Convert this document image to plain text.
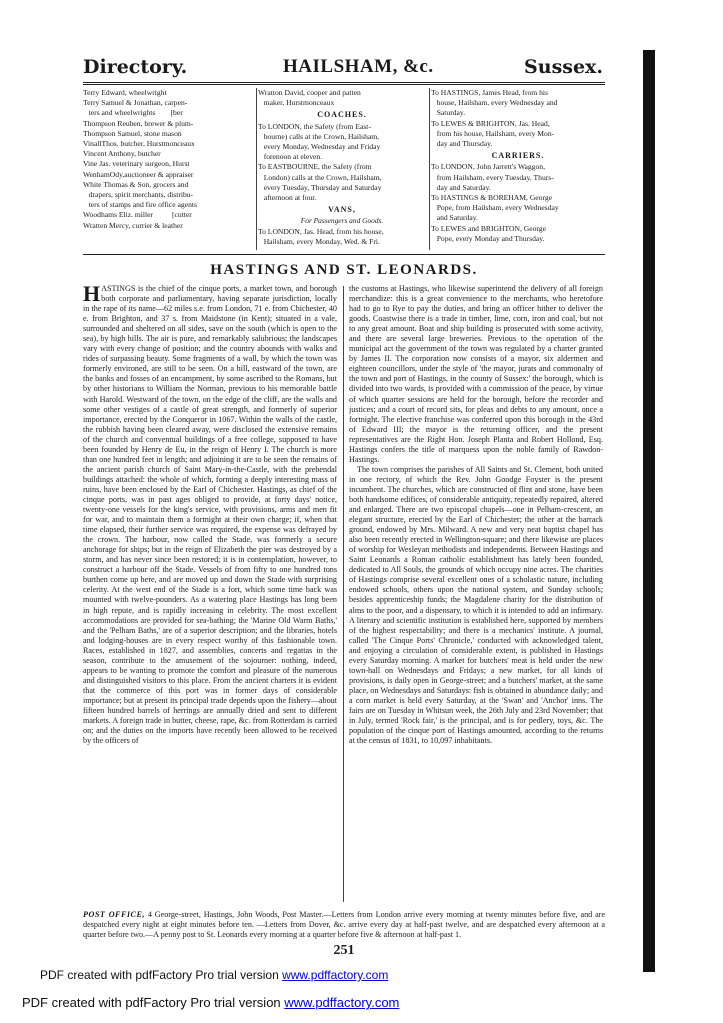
Directory.	HAILSHAM, &c.	Sussex.
Terry Edward, wheelwright
Terry Samuel & Jonathan, carpen-
ters and wheelwrights        [ber
Thompson Reuben, brewer & plum-
Thompson Samuel, stone mason
VinallThos. butcher, Hurstmonceaux
Vincent Anthony, butcher
Vine Jas. veterinary surgeon, Hurst
WenhamOdy,auctioneer & appraiser
White Thomas & Son, grocers and
drapers, spirit merchants, distribu-
ters of stamps and fire office agents
Woodhams Eliz. miller          [cutter
Wratten Mercy, currier & leather
Wratton David, cooper and patten
maker, Hurstmonceaux
COACHES.
To LONDON, the Safety (from East-
bourne) calls at the Crown, Hailsham,
every Monday, Wednesday and Friday
forenoon at eleven.
To EASTBOURNE, the Safety (from
London) calls at the Crown, Hailsham,
every Tuesday, Thursday and Saturday
afternoon at four.
VANS,
For Passengers and Goods.
To LONDON, Jas. Head, from his house,
Hailsham, every Monday, Wed. & Fri.
To HASTINGS, James Head, from his
house, Hailsham, every Wednesday and
Saturday.
To LEWES & BRIGHTON, Jas. Head,
from his house, Hailsham, every Mon-
day and Thursday.
CARRIERS.
To LONDON, John Jarrett's Waggon,
from Hailsham, every Tuesday, Thurs-
day and Saturday.
To HASTINGS & BOREHAM, George
Pope, from Hailsham, every Wednesday
and Saturday.
To LEWES and BRIGHTON, George
Pope, every Monday and Thursday.
HASTINGS AND ST. LEONARDS.

HASTINGS is the chief of the cinque ports, a market town, and borough both corporate and parliamentary, having separate jurisdiction, locally in the rape of its name—62 miles s.e. from London, 71 e. from Chichester, 40 e. from Brighton, and 37 s. from Maidstone (in Kent); situated in a vale, surrounded and sheltered on all sides, save on the south (which is open to the sea), by high hills. The air is pure, and remarkably salubrious; the landscapes vary with every change of position; and the country abounds with walks and rides of surpassing beauty. Some fragments of a wall, by which the town was formerly environed, are still to be seen. On a hill, eastward of the town, are the banks and fosses of an encampment, by some ascribed to the Romans, but by other historians to William the Norman, previous to his memorable battle with Harold. Westward of the town, on the edge of the cliff, are the walls and some other vestiges of a castle of great strength, and formerly of superior importance, erected by the Conqueror in 1067. Within the walls of the castle, the rubbish having been cleared away, were disclosed the extensive remains of the church and conventual buildings of a free college, supposed to have been founded by Henry de Eu, in the reign of Henry I. The church is more than one hundred feet in length; and adjoining it are to be seen the remains of the ancient parish church of Saint Mary-in-the-Castle, with the prebendal buildings attached: the whole of which, forming a deeply interesting mass of ruins, have been enclosed by the Earl of Chichester. Hastings, as chief of the cinque ports, was in past ages obliged to provide, at forty days' notice, twenty-one vessels for the king's service, with provisions, arms and men fit for war, and to maintain them a fortnight at their own charge; if, when that time elapsed, their further service was required, the expense was defrayed by the crown. The harbour, now called the Stade, was formerly a secure anchorage for ships; but in the reign of Elizabeth the pier was destroyed by a storm, and has never since been restored; it is in contemplation, however, to construct a harbour off the Stade. Vessels of from fifty to one hundred tons burthen come up here, and are moved up and down the Stade with surprising celerity. At the west end of the Stade is a fort, which some time back was mounted with twelve-pounders. As a watering place Hastings has long been in high repute, and is rapidly increasing in celebrity. The most excellent accommodations are provided for sea-bathing; the 'Marine Old Warm Baths,' and the 'Pelham Baths,' are of a superior description; and the libraries, hotels and lodging-houses are in every respect worthy of this fashionable town. Races, established in 1827, and assemblies, concerts and regattas in the season, contribute to the amusement of the sojourner: nothing, indeed, appears to be wanting to promote the comfort and pleasure of the numerous and distinguished visitors to this place. From the ancient charters it is evident that the commerce of this port was in former days of considerable importance; but at present its principal trade depends upon the fishery—about fifteen hundred barrels of herrings are annually dried and sent to different markets. A foreign trade in butter, cheese, rape, &c. from Rotterdam is carried on; and the duties on the imports have recently been allowed to be received by the officers of

the customs at Hastings, who likewise superintend the delivery of all foreign merchandize: this is a great convenience to the merchants, who heretofore had to go to Rye to pay the duties, and bring an officer hither to deliver the goods. Coastwise there is a trade in timber, lime, corn, iron and coal, but not to any great amount. Boat and ship building is prosecuted with some activity, and there are several large breweries. Previous to the operation of the municipal act the government of the town was regulated by a charter granted by James II. The corporation now consists of a mayor, six aldermen and eighteen councillors, under the style of 'the mayor, jurats and commonalty of the town and port of Hastings, in the county of Sussex:' the borough, which is divided into two wards, is provided with a commission of the peace, by virtue of which quarter sessions are held for the borough, before the recorder and justices; and a court of record sits, for pleas and debts to any amount, once a fortnight. The elective franchise was conferred upon this borough in the 43rd of Edward III; the mayor is the returning officer, and the present representatives are the Right Hon. Joseph Planta and Robert Hollond, Esq. Hastings confers the title of marquess upon the noble family of Rawdon-Hastings.

The town comprises the parishes of All Saints and St. Clement, both united in one rectory, of which the Rev. John Goodge Foyster is the present incumbent. The churches, which are constructed of flint and stone, have been both handsome edifices, of considerable antiquity, repeatedly repaired, altered and enlarged. There are two episcopal chapels—one in Pelham-crescent, an elegant structure, erected by the Earl of Chichester; the other at the barrack ground, endowed by Mrs. Milward. A new and very neat baptist chapel has also been recently erected in Wellington-square; and there likewise are places of worship for Wesleyan methodists and independents. Between Hastings and Saint Leonards a Roman catholic establishment has lately been founded, dedicated to All Souls, the grounds of which occupy nine acres. The charities of Hastings comprise several excellent ones of a scholastic nature, including endowed schools, others upon the national system, and Sunday schools; besides apprenticeship funds; the Magdalene charity for the distribution of alms to the poor, and a dispensary, to which it is intended to add an infirmary. A literary and scientific institution is established here, supported by members of the highest respectability; and there is a mechanics' institute. A journal, called 'The Cinque Ports' Chronicle,' conducted with acknowledged talent, and enjoying a circulation of considerable extent, is published in Hastings every Saturday morning. A market for butchers' meat is held under the new town-hall on Wednesdays and Fridays; a new market, for all kinds of provisions, is daily open in George-street; and a butchers' market, at the same place, on Wednesdays and Saturdays: fish is obtained in abundance daily; and a corn market is held every Saturday, at the 'Swan' and 'Anchor' inns. The fairs are on Tuesday in Whitsun week, the 26th July and 23rd November; that in July, termed 'Rock fair,' is the principal, and is for pedlery, toys, &c. The population of the cinque port of Hastings amounted, according to the returns at the census of 1831, to 10,097 inhabitants.

POST OFFICE, 4 George-street, Hastings, John Woods, Post Master.—Letters from London arrive every morning at twenty minutes before five, and are despatched every night at eight minutes before ten. —Letters from Dover, &c. arrive every day at half-past twelve, and are despatched every afternoon at a quarter before two.—A penny post to St. Leonards every morning at a quarter before five & afternoon at half-past 1.
251
PDF created with pdfFactory Pro trial version www.pdffactory.com
PDF created with pdfFactory Pro trial version www.pdffactory.com
